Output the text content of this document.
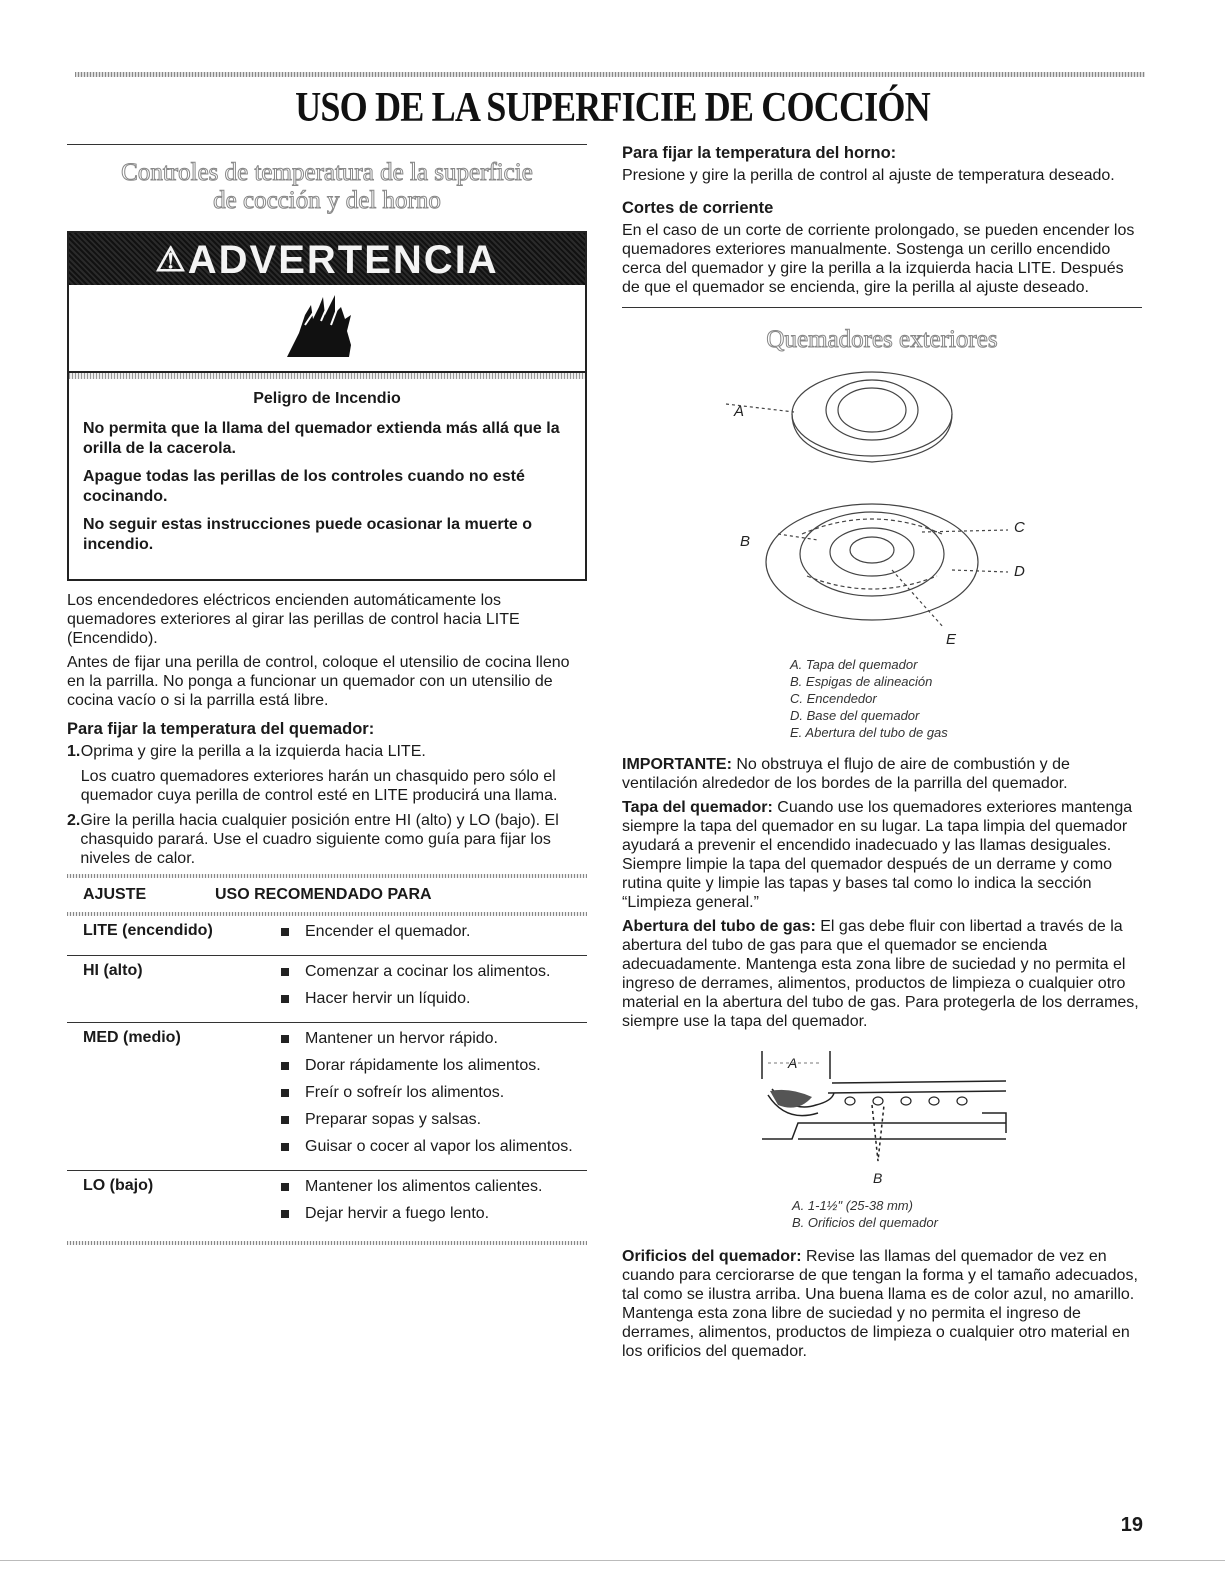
USO DE LA SUPERFICIE DE COCCIÓN
Controles de temperatura de la superficie de cocción y del horno
⚠ADVERTENCIA
Peligro de Incendio

No permita que la llama del quemador extienda más allá que la orilla de la cacerola.

Apague todas las perillas de los controles cuando no esté cocinando.

No seguir estas instrucciones puede ocasionar la muerte o incendio.

Los encendedores eléctricos encienden automáticamente los quemadores exteriores al girar las perillas de control hacia LITE (Encendido).

Antes de fijar una perilla de control, coloque el utensilio de cocina lleno en la parrilla. No ponga a funcionar un quemador con un utensilio de cocina vacío o si la parrilla está libre.

Para fijar la temperatura del quemador:
1. Oprima y gire la perilla a la izquierda hacia LITE.

Los cuatro quemadores exteriores harán un chasquido pero sólo el quemador cuya perilla de control esté en LITE producirá una llama.

2. Gire la perilla hacia cualquier posición entre HI (alto) y LO (bajo). El chasquido parará. Use el cuadro siguiente como guía para fijar los niveles de calor.

AJUSTE	USO RECOMENDADO PARA
LITE (encendido)	Encender el quemador.

HI (alto)	Comenzar a cocinar los alimentos.
Hacer hervir un líquido.

MED (medio)	Mantener un hervor rápido.
Dorar rápidamente los alimentos.
Freír o sofreír los alimentos.
Preparar sopas y salsas.
Guisar o cocer al vapor los alimentos.

LO (bajo)	Mantener los alimentos calientes.
Dejar hervir a fuego lento.
Para fijar la temperatura del horno:

Presione y gire la perilla de control al ajuste de temperatura deseado.

Cortes de corriente

En el caso de un corte de corriente prolongado, se pueden encender los quemadores exteriores manualmente. Sostenga un cerillo encendido cerca del quemador y gire la perilla a la izquierda hacia LITE. Después de que el quemador se encienda, gire la perilla al ajuste deseado.

Quemadores exteriores
A
B
C
D
E
A. Tapa del quemador
B. Espigas de alineación
C. Encendedor
D. Base del quemador
E. Abertura del tubo de gas

IMPORTANTE: No obstruya el flujo de aire de combustión y de ventilación alrededor de los bordes de la parrilla del quemador.

Tapa del quemador: Cuando use los quemadores exteriores mantenga siempre la tapa del quemador en su lugar. La tapa limpia del quemador ayudará a prevenir el encendido inadecuado y las llamas desiguales. Siempre limpie la tapa del quemador después de un derrame y como rutina quite y limpie las tapas y bases tal como lo indica la sección “Limpieza general.”

Abertura del tubo de gas: El gas debe fluir con libertad a través de la abertura del tubo de gas para que el quemador se encienda adecuadamente. Mantenga esta zona libre de suciedad y no permita el ingreso de derrames, alimentos, productos de limpieza o cualquier otro material en la abertura del tubo de gas. Para protegerla de los derrames, siempre use la tapa del quemador.

A
B
A. 1-1½" (25-38 mm)
B. Orificios del quemador

Orificios del quemador: Revise las llamas del quemador de vez en cuando para cerciorarse de que tengan la forma y el tamaño adecuados, tal como se ilustra arriba. Una buena llama es de color azul, no amarillo. Mantenga esta zona libre de suciedad y no permita el ingreso de derrames, alimentos, productos de limpieza o cualquier otro material en los orificios del quemador.

19
